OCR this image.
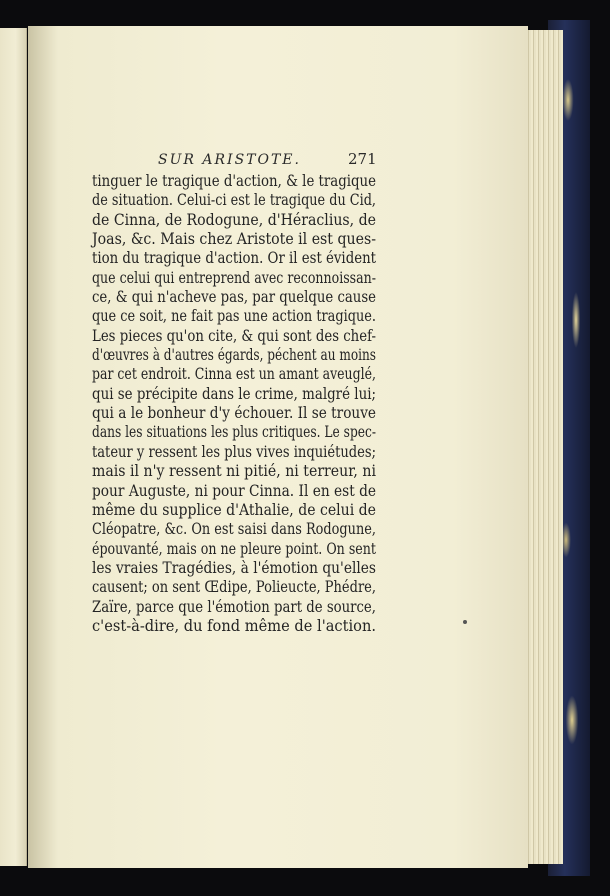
SUR ARISTOTE.	271
tinguer le tragique d'action, & le tragique
de situation. Celui-ci est le tragique du Cid,
de Cinna, de Rodogune, d'Héraclius, de
Joas, &c. Mais chez Aristote il est ques-
tion du tragique d'action. Or il est évident
que celui qui entreprend avec reconnoissan-
ce, & qui n'acheve pas, par quelque cause
que ce soit, ne fait pas une action tragique.
Les pieces qu'on cite, & qui sont des chef-
d'œuvres à d'autres égards, péchent au moins
par cet endroit. Cinna est un amant aveuglé,
qui se précipite dans le crime, malgré lui;
qui a le bonheur d'y échouer. Il se trouve
dans les situations les plus critiques. Le spec-
tateur y ressent les plus vives inquiétudes;
mais il n'y ressent ni pitié, ni terreur, ni
pour Auguste, ni pour Cinna. Il en est de
même du supplice d'Athalie, de celui de
Cléopatre, &c. On est saisi dans Rodogune,
épouvanté, mais on ne pleure point. On sent
les vraies Tragédies, à l'émotion qu'elles
causent; on sent Œdipe, Polieucte, Phédre,
Zaïre, parce que l'émotion part de source,
c'est-à-dire, du fond même de l'action.
